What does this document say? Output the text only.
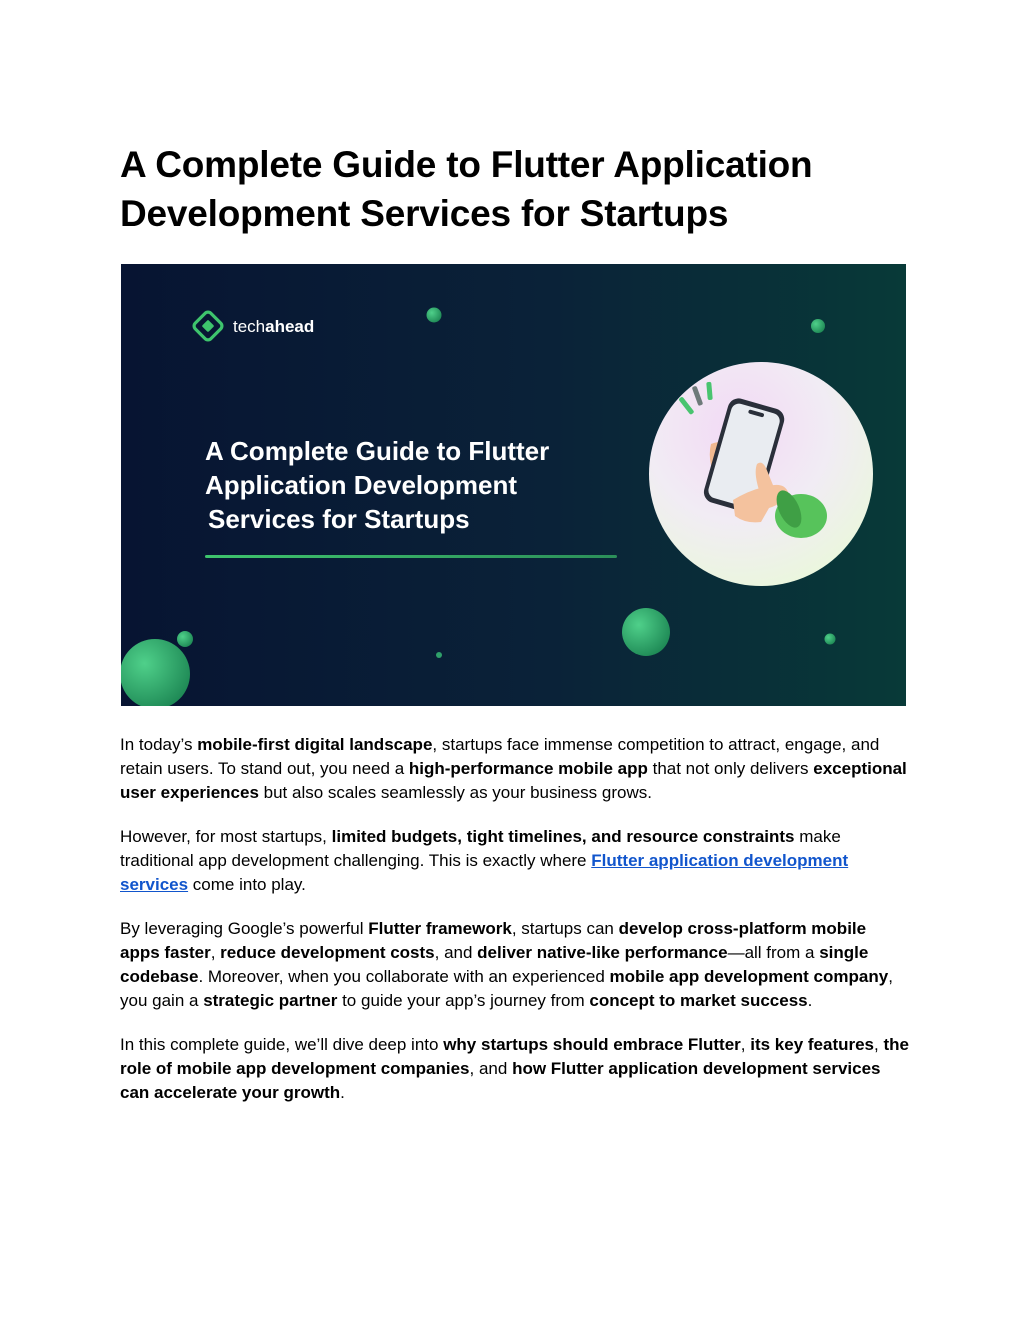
A Complete Guide to Flutter Application Development Services for Startups
techahead
A Complete Guide to Flutter
Application Development
Services for Startups

In today’s mobile-first digital landscape, startups face immense competition to attract, engage, and retain users. To stand out, you need a high-performance mobile app that not only delivers exceptional user experiences but also scales seamlessly as your business grows.

However, for most startups, limited budgets, tight timelines, and resource constraints make traditional app development challenging. This is exactly where Flutter application development services come into play.

By leveraging Google’s powerful Flutter framework, startups can develop cross-platform mobile apps faster, reduce development costs, and deliver native-like performance—all from a single codebase. Moreover, when you collaborate with an experienced mobile app development company, you gain a strategic partner to guide your app’s journey from concept to market success.

In this complete guide, we’ll dive deep into why startups should embrace Flutter, its key features, the role of mobile app development companies, and how Flutter application development services can accelerate your growth.
